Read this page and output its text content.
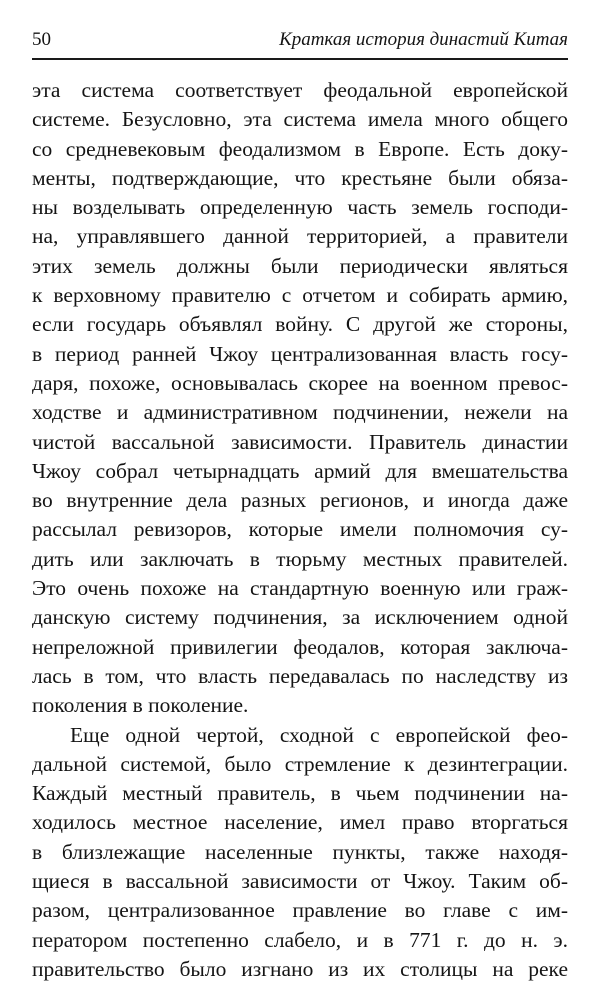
50	Краткая история династий Китая
эта система соответствует феодальной европейской
системе. Безусловно, эта система имела много общего
со средневековым феодализмом в Европе. Есть доку-
менты, подтверждающие, что крестьяне были обяза-
ны возделывать определенную часть земель господи-
на, управлявшего данной территорией, а правители
этих земель должны были периодически являться
к верховному правителю с отчетом и собирать армию,
если государь объявлял войну. С другой же стороны,
в период ранней Чжоу централизованная власть госу-
даря, похоже, основывалась скорее на военном превос-
ходстве и административном подчинении, нежели на
чистой вассальной зависимости. Правитель династии
Чжоу собрал четырнадцать армий для вмешательства
во внутренние дела разных регионов, и иногда даже
рассылал ревизоров, которые имели полномочия су-
дить или заключать в тюрьму местных правителей.
Это очень похоже на стандартную военную или граж-
данскую систему подчинения, за исключением одной
непреложной привилегии феодалов, которая заключа-
лась в том, что власть передавалась по наследству из
поколения в поколение.
Еще одной чертой, сходной с европейской фео-
дальной системой, было стремление к дезинтеграции.
Каждый местный правитель, в чьем подчинении на-
ходилось местное население, имел право вторгаться
в близлежащие населенные пункты, также находя-
щиеся в вассальной зависимости от Чжоу. Таким об-
разом, централизованное правление во главе с им-
ператором постепенно слабело, и в 771 г. до н. э.
правительство было изгнано из их столицы на реке
